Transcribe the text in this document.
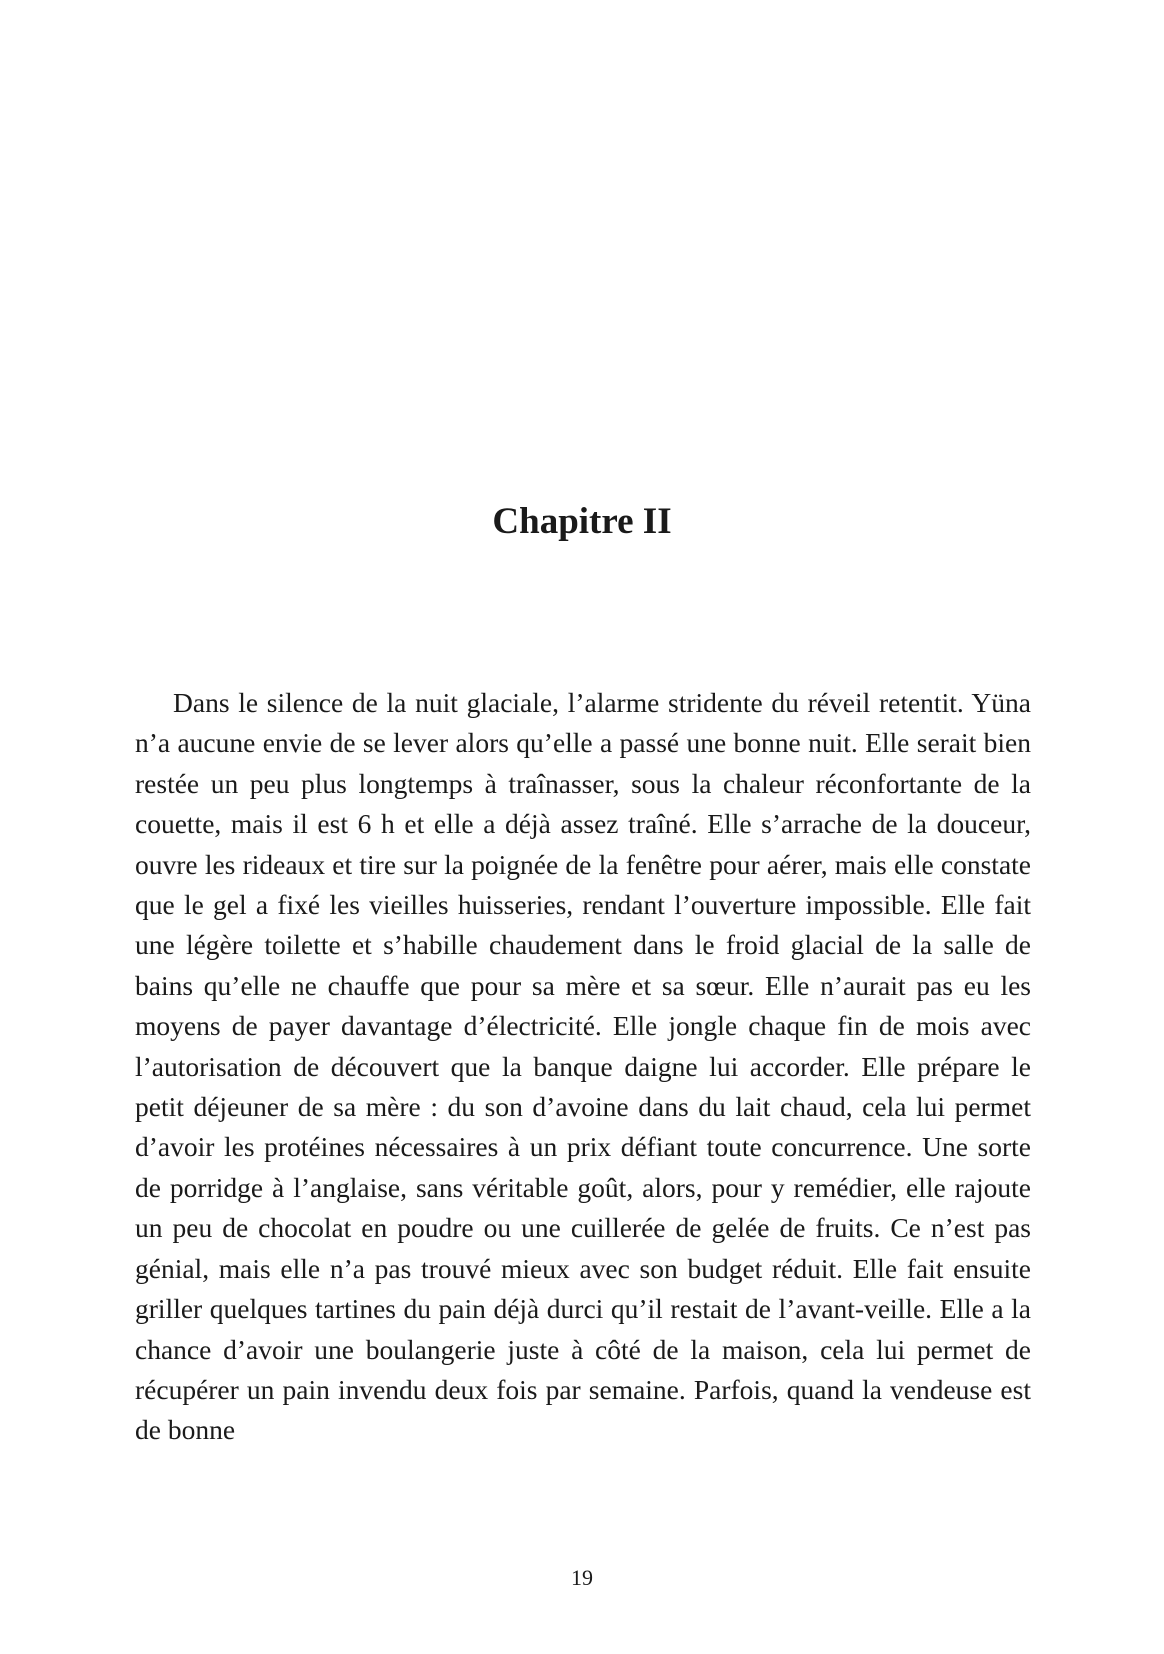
Chapitre II

Dans le silence de la nuit glaciale, l’alarme stridente du réveil retentit. Yüna n’a aucune envie de se lever alors qu’elle a passé une bonne nuit. Elle serait bien restée un peu plus longtemps à traînasser, sous la chaleur réconfortante de la couette, mais il est 6 h et elle a déjà assez traîné. Elle s’arrache de la douceur, ouvre les rideaux et tire sur la poignée de la fenêtre pour aérer, mais elle constate que le gel a fixé les vieilles huisseries, rendant l’ouverture impossible. Elle fait une légère toilette et s’habille chaudement dans le froid glacial de la salle de bains qu’elle ne chauffe que pour sa mère et sa sœur. Elle n’aurait pas eu les moyens de payer davantage d’électricité. Elle jongle chaque fin de mois avec l’autorisation de découvert que la banque daigne lui accorder. Elle prépare le petit déjeuner de sa mère : du son d’avoine dans du lait chaud, cela lui permet d’avoir les protéines nécessaires à un prix défiant toute concurrence. Une sorte de porridge à l’anglaise, sans véritable goût, alors, pour y remédier, elle rajoute un peu de chocolat en poudre ou une cuillerée de gelée de fruits. Ce n’est pas génial, mais elle n’a pas trouvé mieux avec son budget réduit. Elle fait ensuite griller quelques tartines du pain déjà durci qu’il restait de l’avant-veille. Elle a la chance d’avoir une boulangerie juste à côté de la maison, cela lui permet de récupérer un pain invendu deux fois par semaine. Parfois, quand la vendeuse est de bonne

19
